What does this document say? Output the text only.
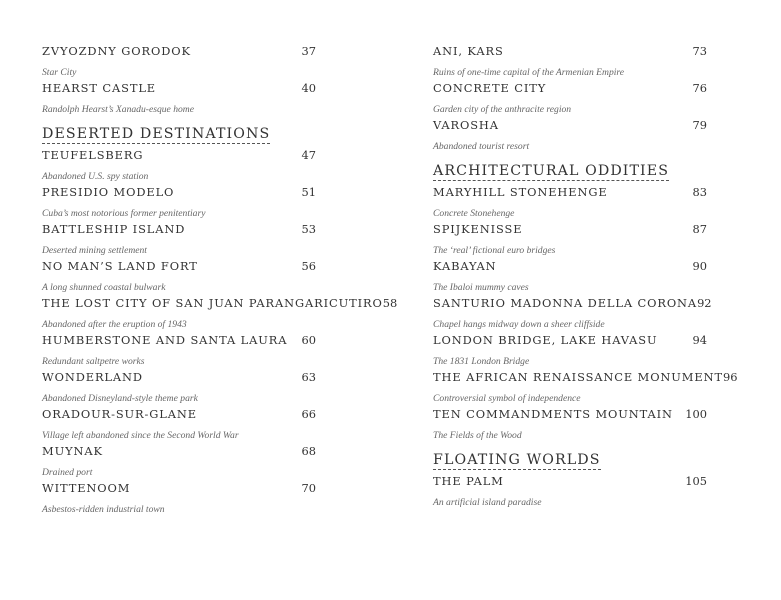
ZVYOZDNY GORODOK	37
Star City
HEARST CASTLE	40
Randolph Hearst’s Xanadu-esque home
DESERTED DESTINATIONS
TEUFELSBERG	47
Abandoned U.S. spy station
PRESIDIO MODELO	51
Cuba’s most notorious former penitentiary
BATTLESHIP ISLAND	53
Deserted mining settlement
NO MAN’S LAND FORT	56
A long shunned coastal bulwark
THE LOST CITY OF SAN JUAN PARANGARICUTIRO 58
Abandoned after the eruption of 1943
HUMBERSTONE AND SANTA LAURA 60
Redundant saltpetre works
WONDERLAND	63
Abandoned Disneyland-style theme park
ORADOUR-SUR-GLANE	66
Village left abandoned since the Second World War
MUYNAK	68
Drained port
WITTENOOM	70
Asbestos-ridden industrial town
ANI, KARS	73
Ruins of one-time capital of the Armenian Empire
CONCRETE CITY	76
Garden city of the anthracite region
VAROSHA	79
Abandoned tourist resort
ARCHITECTURAL ODDITIES
MARYHILL STONEHENGE	83
Concrete Stonehenge
SPIJKENISSE	87
The ‘real’ fictional euro bridges
KABAYAN	90
The Ibaloi mummy caves
SANTURIO MADONNA DELLA CORONA 92
Chapel hangs midway down a sheer cliffside
LONDON BRIDGE, LAKE HAVASU	94
The 1831 London Bridge
THE AFRICAN RENAISSANCE MONUMENT 96
Controversial symbol of independence
TEN COMMANDMENTS MOUNTAIN 100
The Fields of the Wood
FLOATING WORLDS
THE PALM	105
An artificial island paradise
